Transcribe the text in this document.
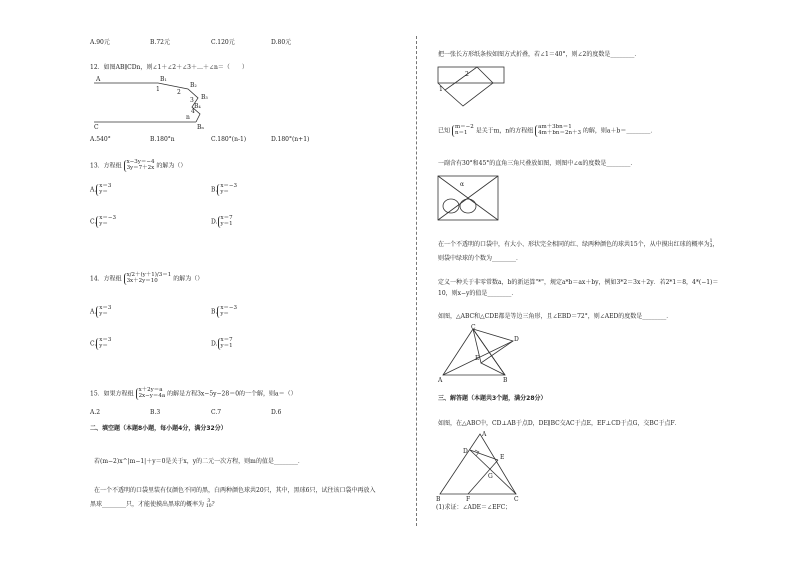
A.90元	B.72元	C.120元	D.80元
12．如图AB∥CDn，则∠1＋∠2＋∠3＋…＋∠n＝（　　）
A
C
B₁
B₂
B₃
B₄
Bₙ
1	2
3
4
n
A.540°	B.180°n	C.180°(n-1)	D.180°(n+1)
13．方程组
x−3y＝−4
3y＝7＋2x 的解为（）
A.
x＝3
y＝	B.
x＝−3
y＝
C.
x＝−3
y＝	D.
x＝7
y＝1
14．方程组
x/2＋(y＋1)/3＝1
3x＋2y＝10	的解为（）
A.
x＝3
y＝	B.
x＝−3
y＝
C.
x＝3
y＝	D.
x＝7
y＝1
15．如果方程组
x＋2y＝a
2x−y＝4a 的解是方程3x−5y−28＝0的一个解，则a＝（）
A.2	B.3	C.7	D.6
二、填空题（本题8小题，每小题4分，满分32分）
若(m−2)x^|m−1|＋y＝0是关于x，y的二元一次方程，则m的值是________．
在一个不透明的口袋里装有仅颜色不同的黑，白两种颜色球共20只，其中，黑球6只，试往该口袋中再放入
黑球________只，才能使摸出黑球的概率为 3
10？
把一张长方形纸条按如图方式折叠，若∠1＝40°，则∠2的度数是________．
2
1
已知
m＝−2
n＝1	是关于m，n的方程组
am＋3bn＝1
4m＋bn＝2n＋3 的解，则a＋b＝________．
一副含有30°和45°的直角三角尺叠放如图，则图中∠α的度数是________．
α
在一个不透明的口袋中，有大小、形状完全相同的红、绿两种颜色的球共15个，从中摸出红球的概率为1
3，
则袋中绿球的个数为________．
定义一种关于非零常数a，b的新运算"*"，规定a*b＝ax＋by，例如3*2＝3x＋2y．若2*1＝8，4*(−1)＝
10，则x−y的值是________．
如图，△ABC和△CDE都是等边三角形，且∠EBD＝72°，则∠AED的度数是________．
A	B
C
D
E
三、解答题（本题共3个题，满分28分）
如图，在△ABC中，CD⊥AB于点D，DE∥BC交AC于点E，EF⊥CD于点G，交BC于点F．
B
A
C
D
E
F
G
(1)求证：∠ADE＝∠EFC；
